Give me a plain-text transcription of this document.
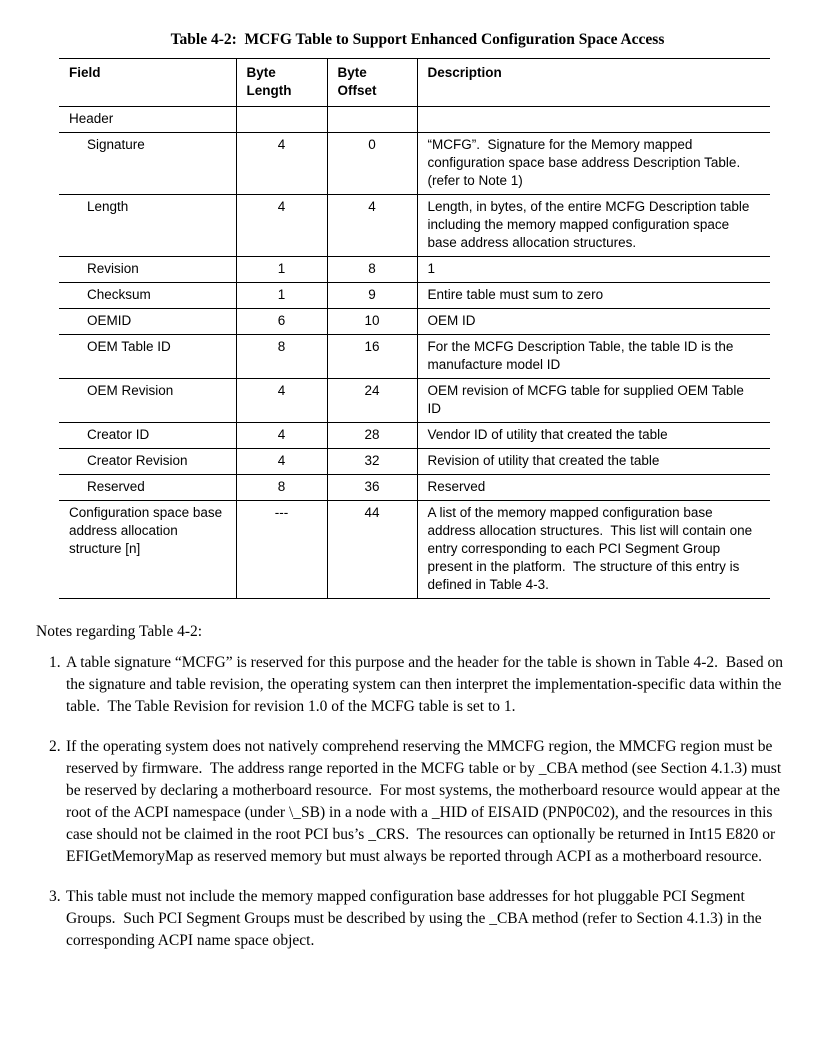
Table 4-2:  MCFG Table to Support Enhanced Configuration Space Access
Field	Byte Length	Byte Offset	Description
Header			
Signature	4	0	“MCFG”.  Signature for the Memory mapped configuration space base address Description Table.  (refer to Note 1)
Length	4	4	Length, in bytes, of the entire MCFG Description table including the memory mapped configuration space base address allocation structures.
Revision	1	8	1
Checksum	1	9	Entire table must sum to zero
OEMID	6	10	OEM ID
OEM Table ID	8	16	For the MCFG Description Table, the table ID is the manufacture model ID
OEM Revision	4	24	OEM revision of MCFG table for supplied OEM Table ID
Creator ID	4	28	Vendor ID of utility that created the table
Creator Revision	4	32	Revision of utility that created the table
Reserved	8	36	Reserved
Configuration space base address allocation structure [n]	---	44	A list of the memory mapped configuration base address allocation structures.  This list will contain one entry corresponding to each PCI Segment Group present in the platform.  The structure of this entry is defined in Table 4-3.
Notes regarding Table 4-2:
1. A table signature “MCFG” is reserved for this purpose and the header for the table is shown in Table 4-2.  Based on the signature and table revision, the operating system can then interpret the implementation-specific data within the table.  The Table Revision for revision 1.0 of the MCFG table is set to 1.
2. If the operating system does not natively comprehend reserving the MMCFG region, the MMCFG region must be reserved by firmware.  The address range reported in the MCFG table or by _CBA method (see Section 4.1.3) must be reserved by declaring a motherboard resource.  For most systems, the motherboard resource would appear at the root of the ACPI namespace (under \_SB) in a node with a _HID of EISAID (PNP0C02), and the resources in this case should not be claimed in the root PCI bus’s _CRS.  The resources can optionally be returned in Int15 E820 or EFIGetMemoryMap as reserved memory but must always be reported through ACPI as a motherboard resource.
3. This table must not include the memory mapped configuration base addresses for hot pluggable PCI Segment Groups.  Such PCI Segment Groups must be described by using the _CBA method (refer to Section 4.1.3) in the corresponding ACPI name space object.
